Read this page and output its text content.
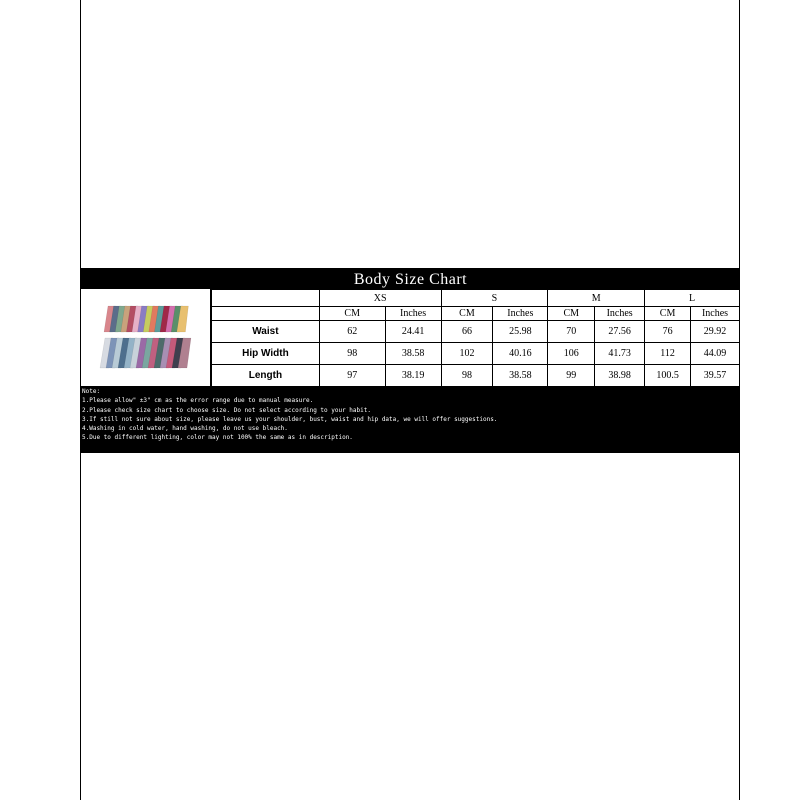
Body Size Chart
	XS		S		M		L	
	CM	Inches	CM	Inches	CM	Inches	CM	Inches
Waist	62	24.41	66	25.98	70	27.56	76	29.92
Hip Width	98	38.58	102	40.16	106	41.73	112	44.09
Length	97	38.19	98	38.58	99	38.98	100.5	39.57
Note:
1.Please allow" ±3" cm as the error range due to manual measure.
2.Please check size chart to choose size. Do not select according to your habit.
3.If still not sure about size, please leave us your shoulder, bust, waist and hip data, we will offer suggestions.
4.Washing in cold water, hand washing, do not use bleach.
5.Due to different lighting, color may not 100% the same as in description.
